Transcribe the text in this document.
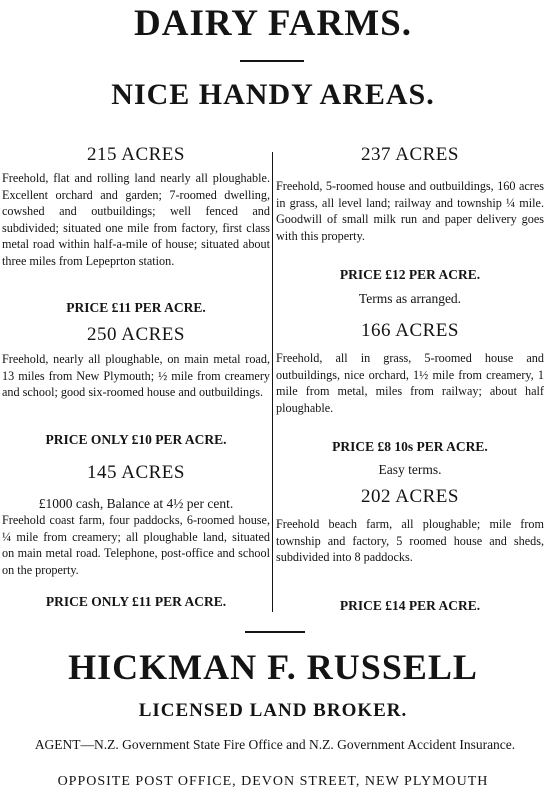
DAIRY FARMS.
NICE HANDY AREAS.
215 ACRES
Freehold, flat and rolling land nearly all ploughable. Excellent orchard and garden; 7-roomed dwelling, cowshed and outbuildings; well fenced and subdivided; situated one mile from factory, first class metal road within half-a-mile of house; situated about three miles from Lepeprton station.
PRICE £11 PER ACRE.
250 ACRES
Freehold, nearly all ploughable, on main metal road, 13 miles from New Plymouth; ½ mile from creamery and school; good six-roomed house and outbuildings.
PRICE ONLY £10 PER ACRE.
145 ACRES
£1000 cash, Balance at 4½ per cent.
Freehold coast farm, four paddocks, 6-roomed house, ¼ mile from creamery; all ploughable land, situated on main metal road. Telephone, post-office and school on the property.
PRICE ONLY £11 PER ACRE.
237 ACRES
Freehold, 5-roomed house and outbuildings, 160 acres in grass, all level land; railway and township ¼ mile. Goodwill of small milk run and paper delivery goes with this property.
PRICE £12 PER ACRE.
Terms as arranged.
166 ACRES
Freehold, all in grass, 5-roomed house and outbuildings, nice orchard, 1½ mile from creamery, 1 mile from metal, miles from railway; about half ploughable.
PRICE £8 10s PER ACRE.
Easy terms.
202 ACRES
Freehold beach farm, all ploughable; mile from township and factory, 5 roomed house and sheds, subdivided into 8 paddocks.
PRICE £14 PER ACRE.
HICKMAN F. RUSSELL
LICENSED LAND BROKER.
AGENT—N.Z. Government State Fire Office and N.Z. Government Accident Insurance.
OPPOSITE POST OFFICE, DEVON STREET, NEW PLYMOUTH
